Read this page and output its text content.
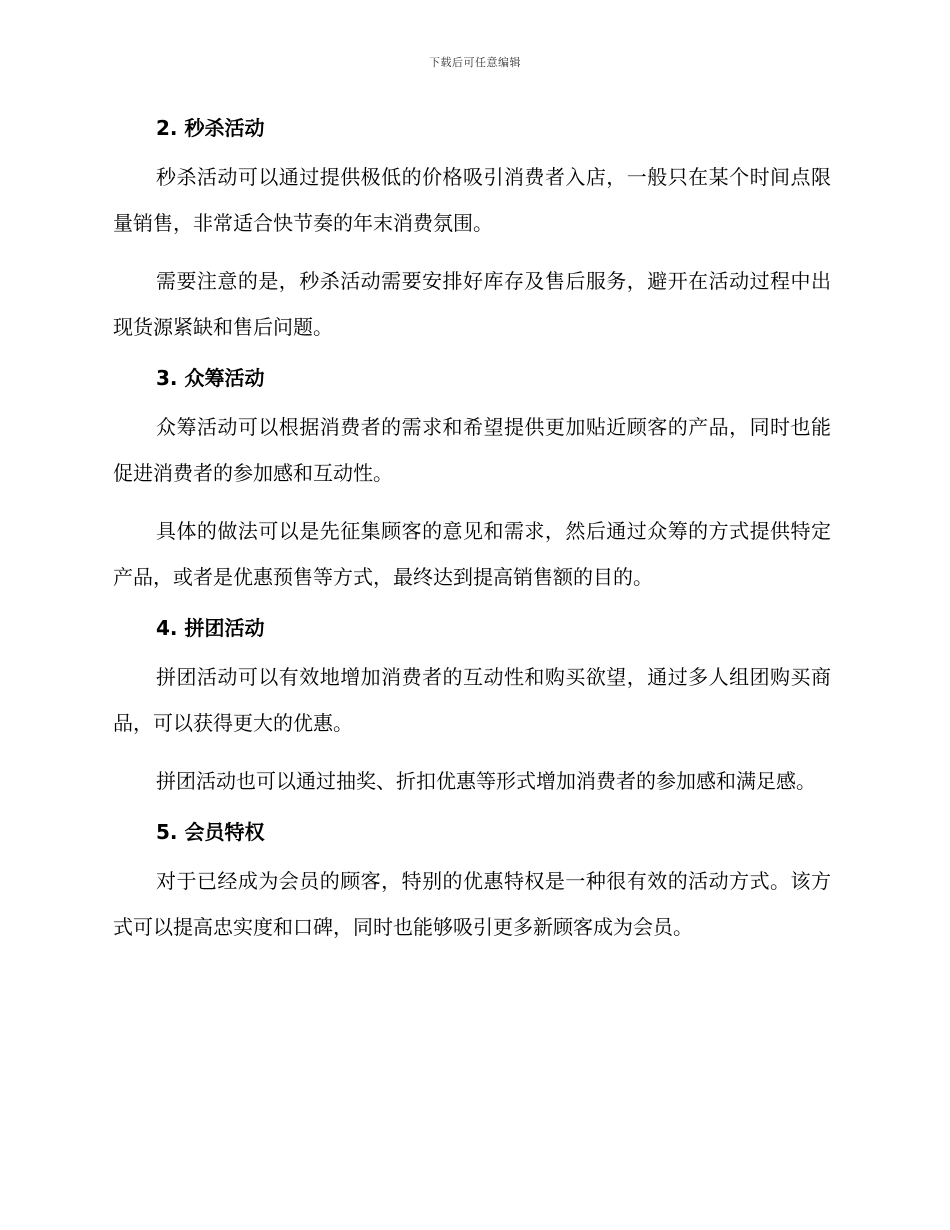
下载后可任意编辑
2. 秒杀活动

秒杀活动可以通过提供极低的价格吸引消费者入店，一般只在某个时间点限量销售，非常适合快节奏的年末消费氛围。

需要注意的是，秒杀活动需要安排好库存及售后服务，避开在活动过程中出现货源紧缺和售后问题。

3. 众筹活动

众筹活动可以根据消费者的需求和希望提供更加贴近顾客的产品，同时也能促进消费者的参加感和互动性。

具体的做法可以是先征集顾客的意见和需求，然后通过众筹的方式提供特定产品，或者是优惠预售等方式，最终达到提高销售额的目的。

4. 拼团活动

拼团活动可以有效地增加消费者的互动性和购买欲望，通过多人组团购买商品，可以获得更大的优惠。

拼团活动也可以通过抽奖、折扣优惠等形式增加消费者的参加感和满足感。

5. 会员特权

对于已经成为会员的顾客，特别的优惠特权是一种很有效的活动方式。该方式可以提高忠实度和口碑，同时也能够吸引更多新顾客成为会员。
